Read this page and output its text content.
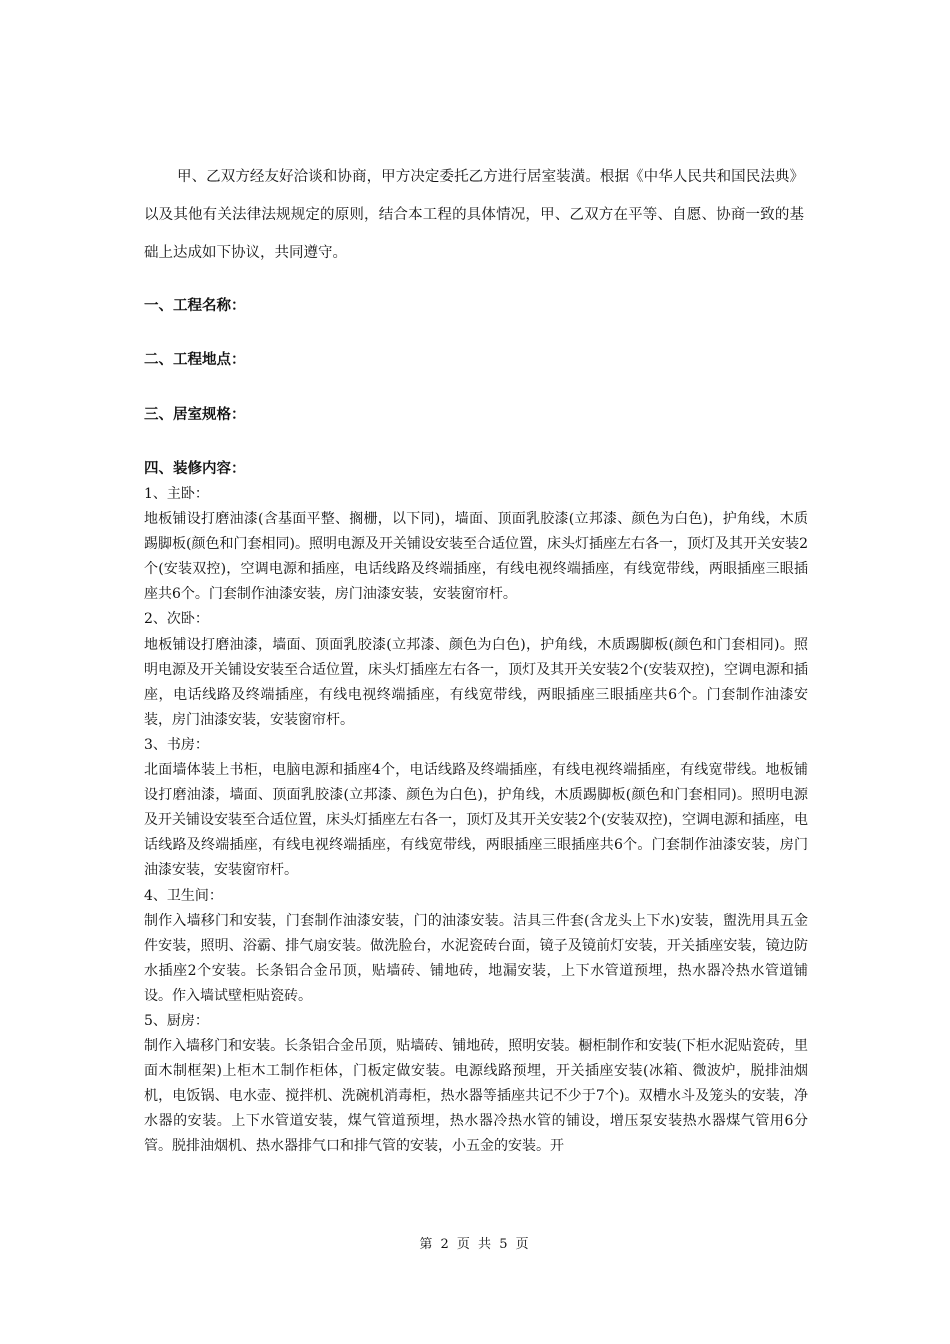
甲、乙双方经友好洽谈和协商，甲方决定委托乙方进行居室装潢。根据《中华人民共和国民法典》以及其他有关法律法规规定的原则，结合本工程的具体情况，甲、乙双方在平等、自愿、协商一致的基础上达成如下协议，共同遵守。

一、工程名称：

二、工程地点：

三、居室规格：

四、装修内容：

1、主卧：

地板铺设打磨油漆(含基面平整、搁栅，以下同)，墙面、顶面乳胶漆(立邦漆、颜色为白色)，护角线，木质踢脚板(颜色和门套相同)。照明电源及开关铺设安装至合适位置，床头灯插座左右各一，顶灯及其开关安装2个(安装双控)，空调电源和插座，电话线路及终端插座，有线电视终端插座，有线宽带线，两眼插座三眼插座共6个。门套制作油漆安装，房门油漆安装，安装窗帘杆。

2、次卧：

地板铺设打磨油漆，墙面、顶面乳胶漆(立邦漆、颜色为白色)，护角线，木质踢脚板(颜色和门套相同)。照明电源及开关铺设安装至合适位置，床头灯插座左右各一，顶灯及其开关安装2个(安装双控)，空调电源和插座，电话线路及终端插座，有线电视终端插座，有线宽带线，两眼插座三眼插座共6个。门套制作油漆安装，房门油漆安装，安装窗帘杆。

3、书房：

北面墙体装上书柜，电脑电源和插座4个，电话线路及终端插座，有线电视终端插座，有线宽带线。地板铺设打磨油漆，墙面、顶面乳胶漆(立邦漆、颜色为白色)，护角线，木质踢脚板(颜色和门套相同)。照明电源及开关铺设安装至合适位置，床头灯插座左右各一，顶灯及其开关安装2个(安装双控)，空调电源和插座，电话线路及终端插座，有线电视终端插座，有线宽带线，两眼插座三眼插座共6个。门套制作油漆安装，房门油漆安装，安装窗帘杆。

4、卫生间：

制作入墙移门和安装，门套制作油漆安装，门的油漆安装。洁具三件套(含龙头上下水)安装，盥洗用具五金件安装，照明、浴霸、排气扇安装。做洗脸台，水泥瓷砖台面，镜子及镜前灯安装，开关插座安装，镜边防水插座2个安装。长条铝合金吊顶，贴墙砖、铺地砖，地漏安装，上下水管道预埋，热水器冷热水管道铺设。作入墙试壁柜贴瓷砖。

5、厨房：

制作入墙移门和安装。长条铝合金吊顶，贴墙砖、铺地砖，照明安装。橱柜制作和安装(下柜水泥贴瓷砖，里面木制框架)上柜木工制作柜体，门板定做安装。电源线路预埋，开关插座安装(冰箱、微波炉，脱排油烟机，电饭锅、电水壶、搅拌机、洗碗机消毒柜，热水器等插座共记不少于7个)。双槽水斗及笼头的安装，净水器的安装。上下水管道安装，煤气管道预埋，热水器冷热水管的铺设，增压泵安装热水器煤气管用6分管。脱排油烟机、热水器排气口和排气管的安装，小五金的安装。开

第 2 页 共 5 页
